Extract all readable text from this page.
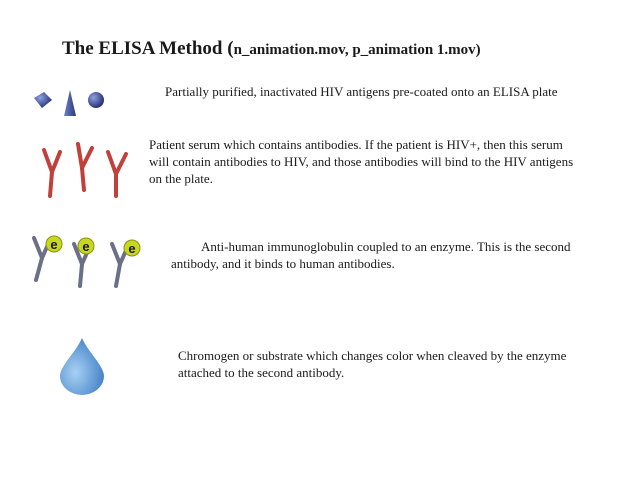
The ELISA Method (n_animation.mov, p_animation 1.mov)
Partially purified, inactivated HIV antigens pre-coated onto an ELISA plate
Patient serum which contains antibodies. If the patient is HIV+, then this serum will contain antibodies to HIV, and those antibodies will bind to the HIV antigens on the plate.
e e	e	Anti-human immunoglobulin coupled to an enzyme. This is the second antibody, and it binds to human antibodies.
Chromogen or substrate which changes color when cleaved by the enzyme attached to the second antibody.
